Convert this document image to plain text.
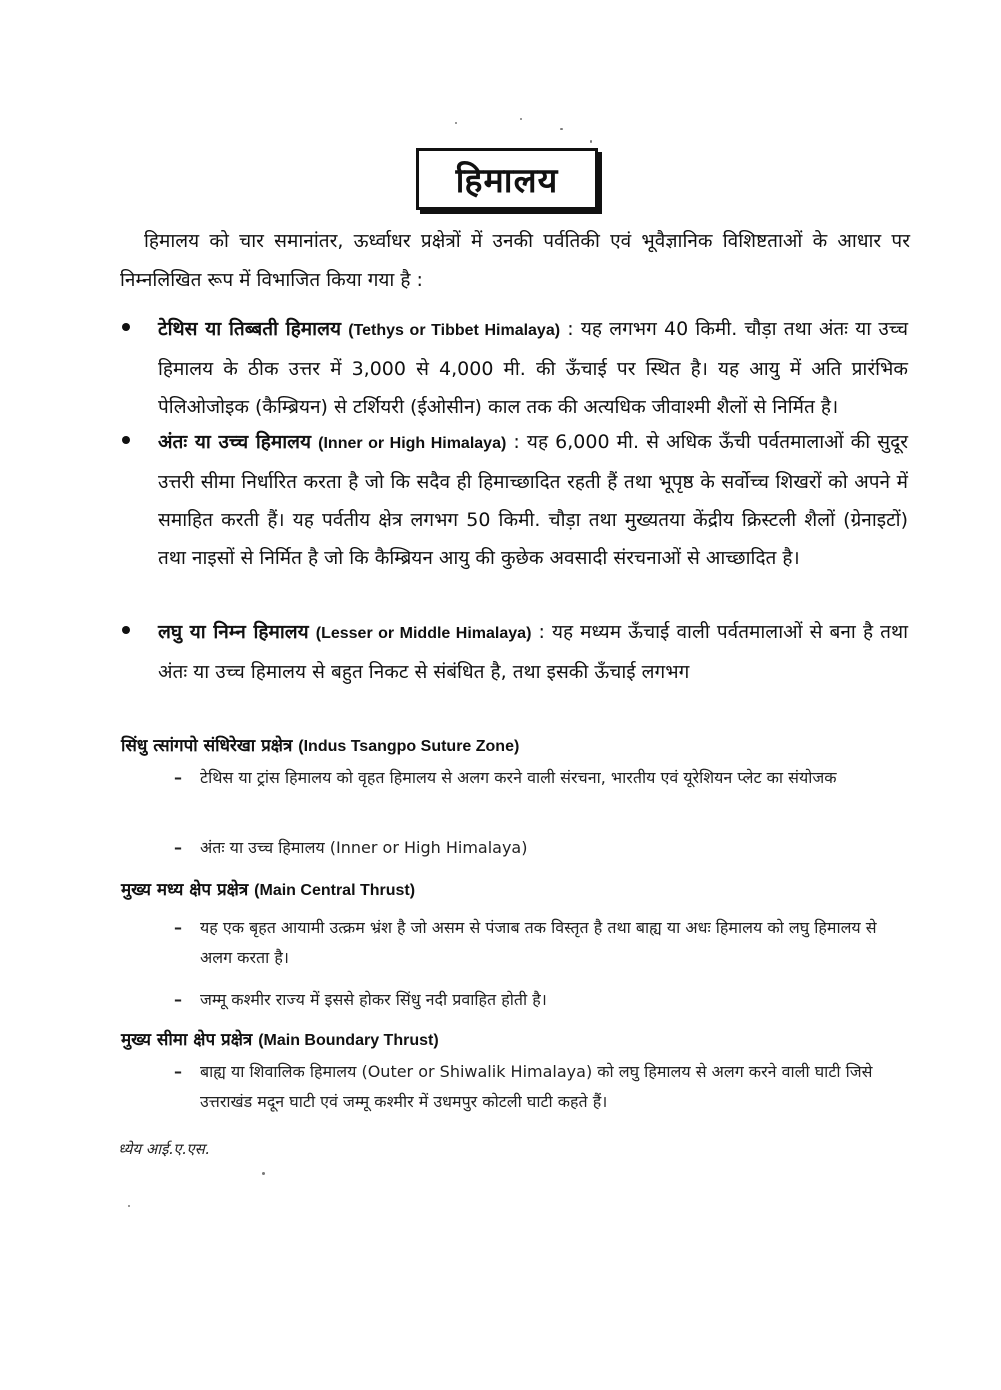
हिमालय
हिमालय को चार समानांतर, ऊर्ध्वाधर प्रक्षेत्रों में उनकी पर्वतिकी एवं भूवैज्ञानिक विशिष्टताओं के आधार पर निम्नलिखित रूप में विभाजित किया गया है :
टेथिस या तिब्बती हिमालय (Tethys or Tibbet Himalaya) : यह लगभग 40 किमी. चौड़ा तथा अंतः या उच्च हिमालय के ठीक उत्तर में 3,000 से 4,000 मी. की ऊँचाई पर स्थित है। यह आयु में अति प्रारंभिक पेलिओजोइक (कैम्ब्रियन) से टर्शियरी (ईओसीन) काल तक की अत्यधिक जीवाश्मी शैलों से निर्मित है।
अंतः या उच्च हिमालय (Inner or High Himalaya) : यह 6,000 मी. से अधिक ऊँची पर्वतमालाओं की सुदूर उत्तरी सीमा निर्धारित करता है जो कि सदैव ही हिमाच्छादित रहती हैं तथा भूपृष्ठ के सर्वोच्च शिखरों को अपने में समाहित करती हैं। यह पर्वतीय क्षेत्र लगभग 50 किमी. चौड़ा तथा मुख्यतया केंद्रीय क्रिस्टली शैलों (ग्रेनाइटों) तथा नाइसों से निर्मित है जो कि कैम्ब्रियन आयु की कुछेक अवसादी संरचनाओं से आच्छादित है।
लघु या निम्न हिमालय (Lesser or Middle Himalaya) : यह मध्यम ऊँचाई वाली पर्वतमालाओं से बना है तथा अंतः या उच्च हिमालय से बहुत निकट से संबंधित है, तथा इसकी ऊँचाई लगभग
सिंधु त्सांगपो संधिरेखा प्रक्षेत्र (Indus Tsangpo Suture Zone)
– टेथिस या ट्रांस हिमालय को वृहत हिमालय से अलग करने वाली संरचना, भारतीय एवं यूरेशियन प्लेट का संयोजक
– अंतः या उच्च हिमालय (Inner or High Himalaya)
मुख्य मध्य क्षेप प्रक्षेत्र (Main Central Thrust)
– यह एक बृहत आयामी उत्क्रम भ्रंश है जो असम से पंजाब तक विस्तृत है तथा बाह्य या अधः हिमालय को लघु हिमालय से अलग करता है।
– जम्मू कश्मीर राज्य में इससे होकर सिंधु नदी प्रवाहित होती है।
मुख्य सीमा क्षेप प्रक्षेत्र (Main Boundary Thrust)
– बाह्य या शिवालिक हिमालय (Outer or Shiwalik Himalaya) को लघु हिमालय से अलग करने वाली घाटी जिसे उत्तराखंड मदून घाटी एवं जम्मू कश्मीर में उधमपुर कोटली घाटी कहते हैं।
ध्येय आई.ए.एस.
